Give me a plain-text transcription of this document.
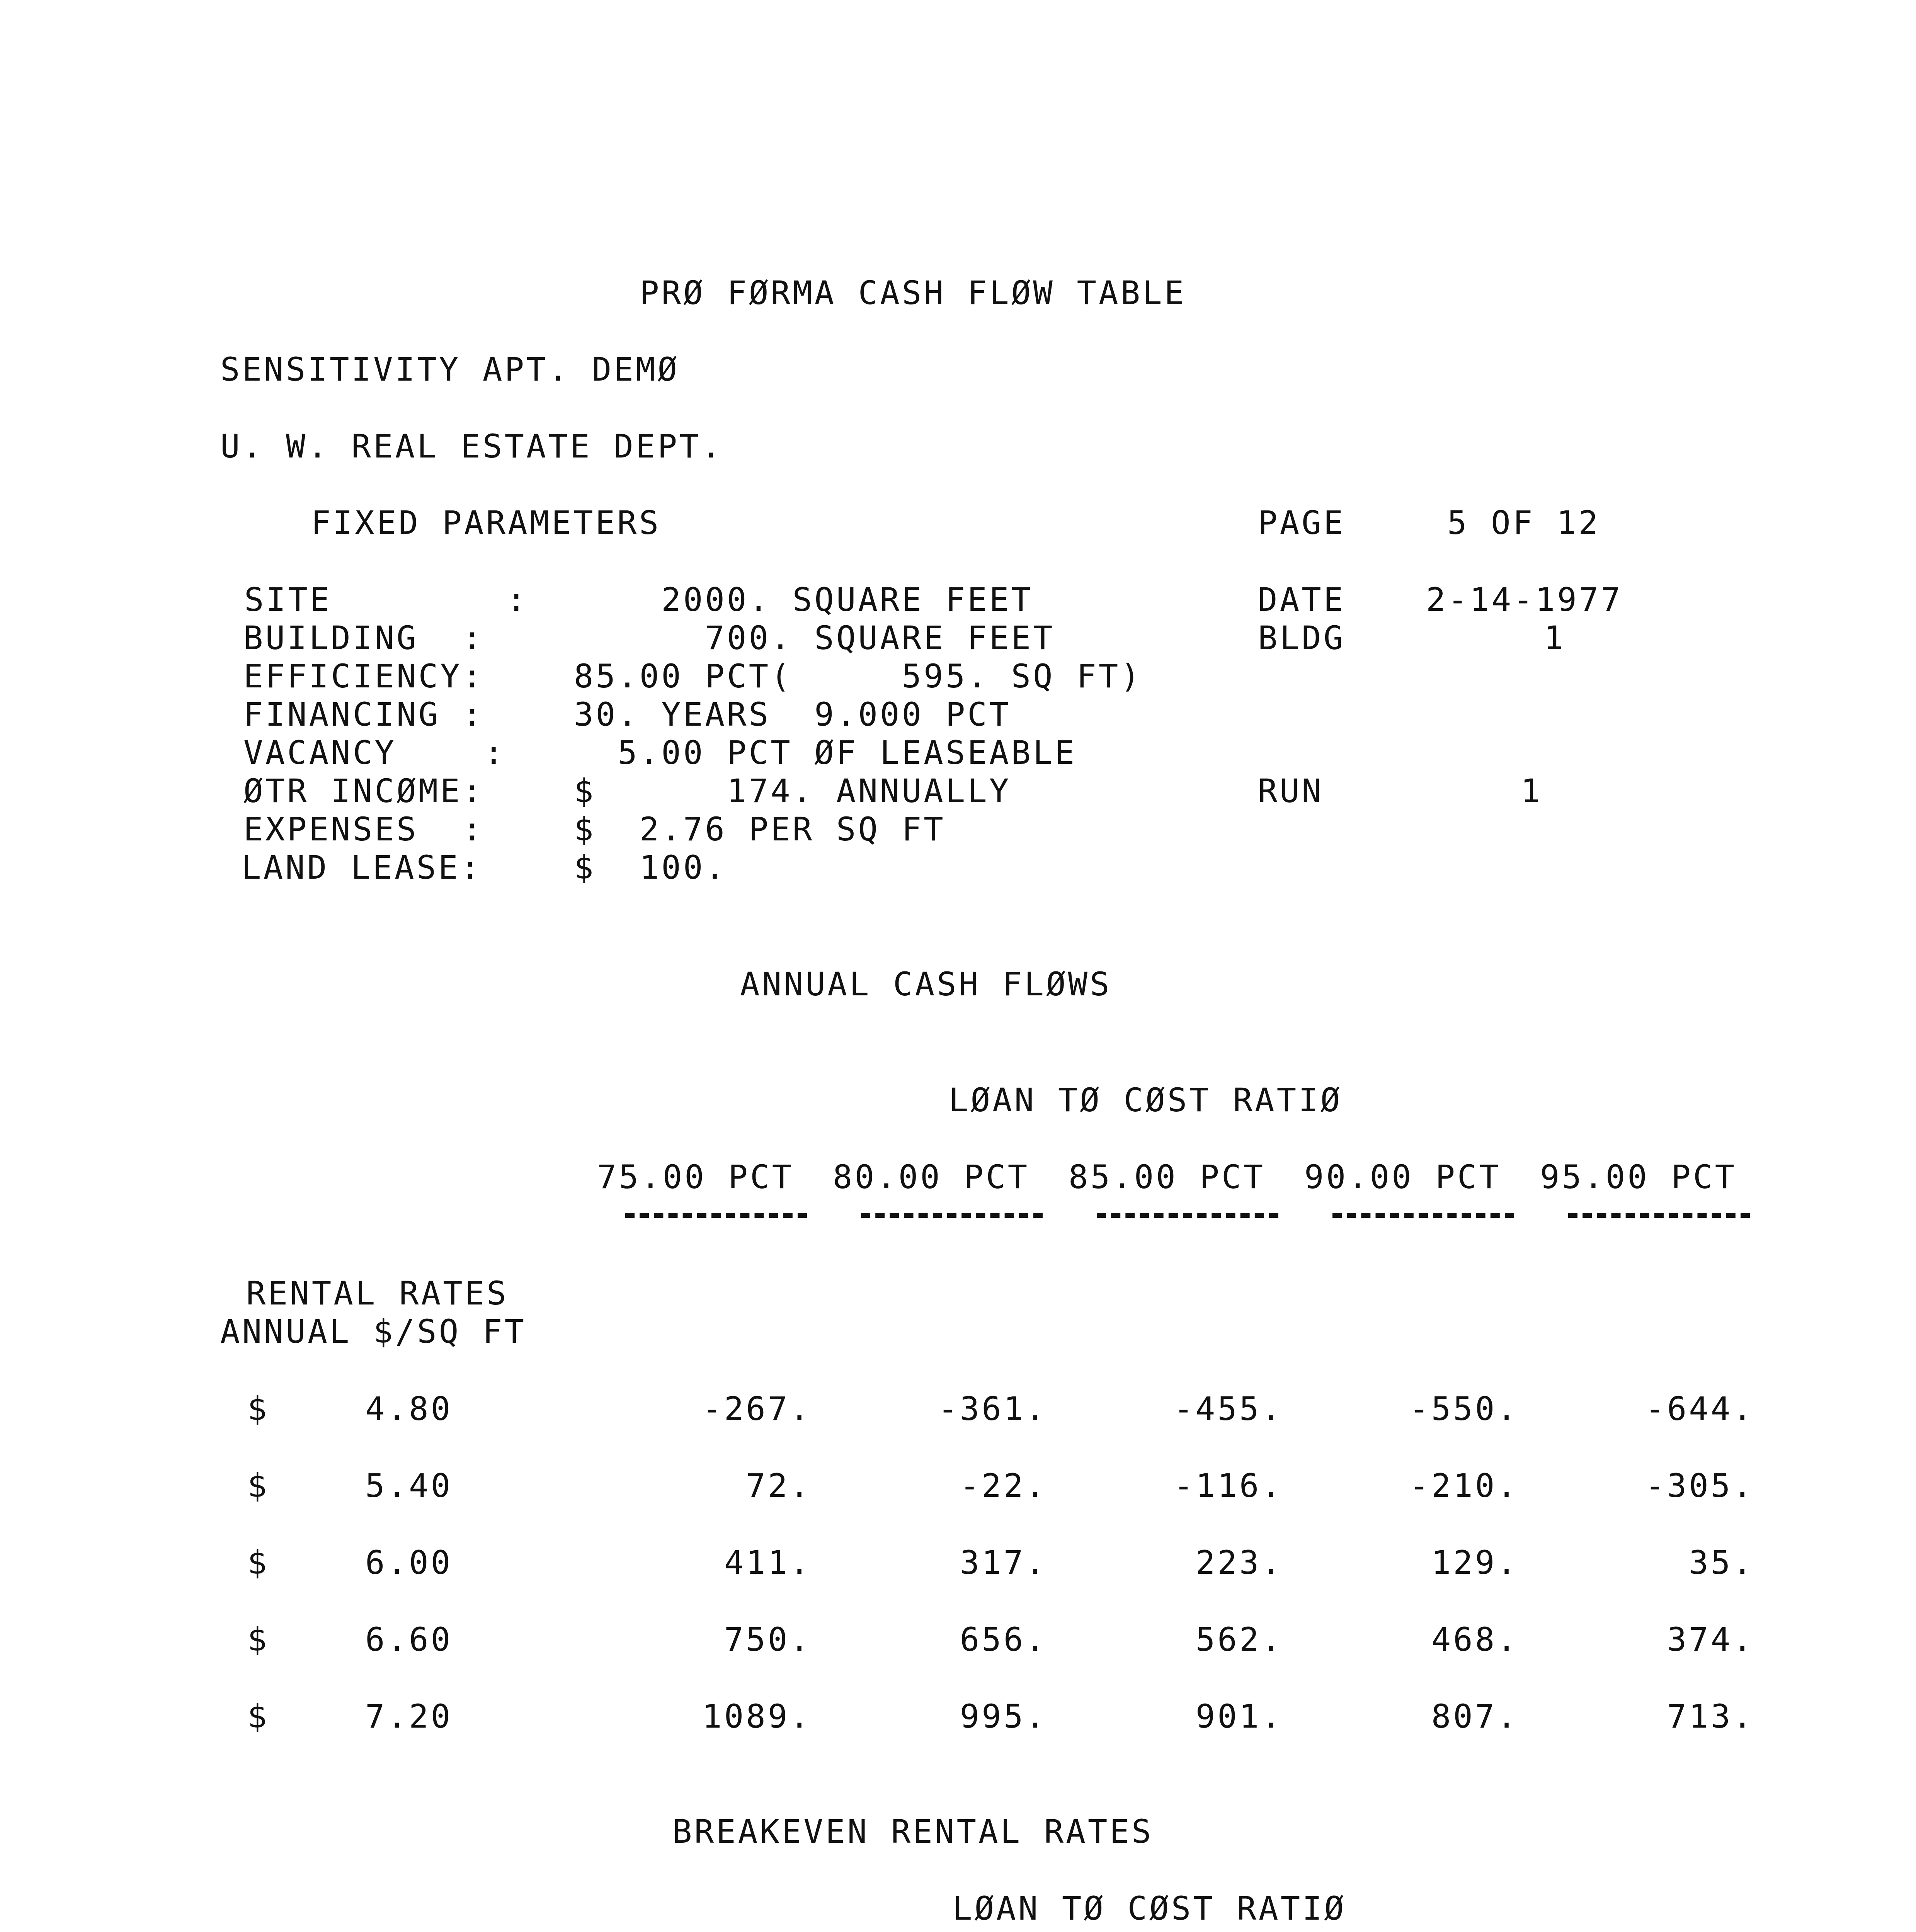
PRØ FØRMA CASH FLØW TABLE
SENSITIVITY APT. DEMØ
U. W. REAL ESTATE DEPT.
FIXED PARAMETERS	PAGE	5 OF 12
SITE        : 2000. SQUARE FEET
BUILDING  :	700. SQUARE FEET
EFFICIENCY:	85.00 PCT(     595. SQ FT)
FINANCING :	30. YEARS  9.000 PCT
VACANCY    : 5.00 PCT ØF LEASEABLE
ØTR INCØME:	$      174. ANNUALLY
EXPENSES  :	$  2.76 PER SQ FT
LAND LEASE:	$  100.
DATE 2-14-1977
BLDG	1
RUN	1
ANNUAL CASH FLØWS
LØAN TØ CØST RATIØ
75.00 PCT 80.00 PCT 85.00 PCT 90.00 PCT 95.00 PCT
RENTAL RATES
ANNUAL $/SQ FT
$	4.80	-267.	-361.	-455.	-550.	-644.
$	5.40	72.	-22.	-116.	-210.	-305.
$	6.00	411.	317.	223.	129.	35.
$	6.60	750.	656.	562.	468.	374.
$	7.20	1089.	995.	901.	807.	713.
BREAKEVEN RENTAL RATES
LØAN TØ CØST RATIØ
